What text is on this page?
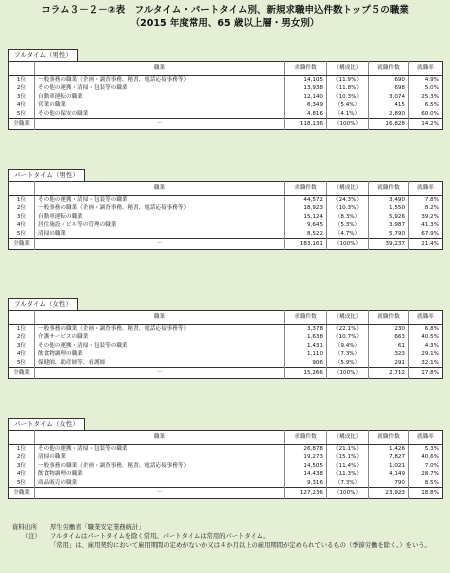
コラム３－２－②表　フルタイム・パートタイム別、新規求職申込件数トップ５の職業
（2015 年度常用、65 歳以上層・男女別）
フルタイム（男性）
	職業	求職件数	（構成比）	就職件数	就職率
1位	一般事務の職業（企画・調査事務、秘書、電話応接事務等）	14,105	（11.9%）	690	4.9%
2位	その他の運搬・清掃・包装等の職業	13,938	（11.8%）	698	5.0%
3位	自動車運転の職業	12,140	（10.3%）	3,074	25.3%
4位	営業の職業	6,349	（5.4%）	415	6.5%
5位	その他の保安の職業	4,816	（4.1%）	2,890	60.0%
全職業	－	118,136	（100%）	16,828	14.2%
パートタイム（男性）
	職業	求職件数	（構成比）	就職件数	就職率
1位	その他の運搬・清掃・包装等の職業	44,572	（24.3%）	3,490	7.8%
2位	一般事務の職業（企画・調査事務、秘書、電話応接事務等）	18,923	（10.3%）	1,550	8.2%
3位	自動車運転の職業	15,124	（8.3%）	5,926	39.2%
4位	居住施設・ビル等の管理の職業	9,645	（5.3%）	3,987	41.3%
5位	清掃の職業	8,522	（4.7%）	5,790	67.9%
全職業	－	183,161	（100%）	39,237	21.4%
フルタイム（女性）
	職業	求職件数	（構成比）	就職件数	就職率
1位	一般事務の職業（企画・調査事務、秘書、電話応接事務等）	3,378	（22.1%）	230	6.8%
2位	介護サービスの職業	1,638	（10.7%）	663	40.5%
3位	その他の運搬・清掃・包装等の職業	1,431	（9.4%）	61	4.3%
4位	飲食物調理の職業	1,110	（7.3%）	323	29.1%
5位	保健師、助産師等、看護師	906	（5.9%）	291	32.1%
全職業	－	15,266	（100%）	2,712	17.8%
パートタイム（女性）
	職業	求職件数	（構成比）	就職件数	就職率
1位	その他の運搬・清掃・包装等の職業	26,878	（21.1%）	1,426	5.3%
2位	清掃の職業	19,273	（15.1%）	7,827	40.6%
3位	一般事務の職業（企画・調査事務、秘書、電話応接事務等）	14,505	（11.4%）	1,021	7.0%
4位	飲食物調理の職業	14,438	（11.3%）	4,149	28.7%
5位	商品販売の職業	9,316	（7.3%）	790	8.5%
全職業	－	127,236	（100%）	23,923	18.8%
資料出所	厚生労働省「職業安定業務統計」
（注）	フルタイムはパートタイムを除く常用。パートタイムは常用的パートタイム。
「常用」は、雇用契約において雇用期間の定めがないか又は４か月以上の雇用期間が定められているもの（季節労働を除く。）をいう。
